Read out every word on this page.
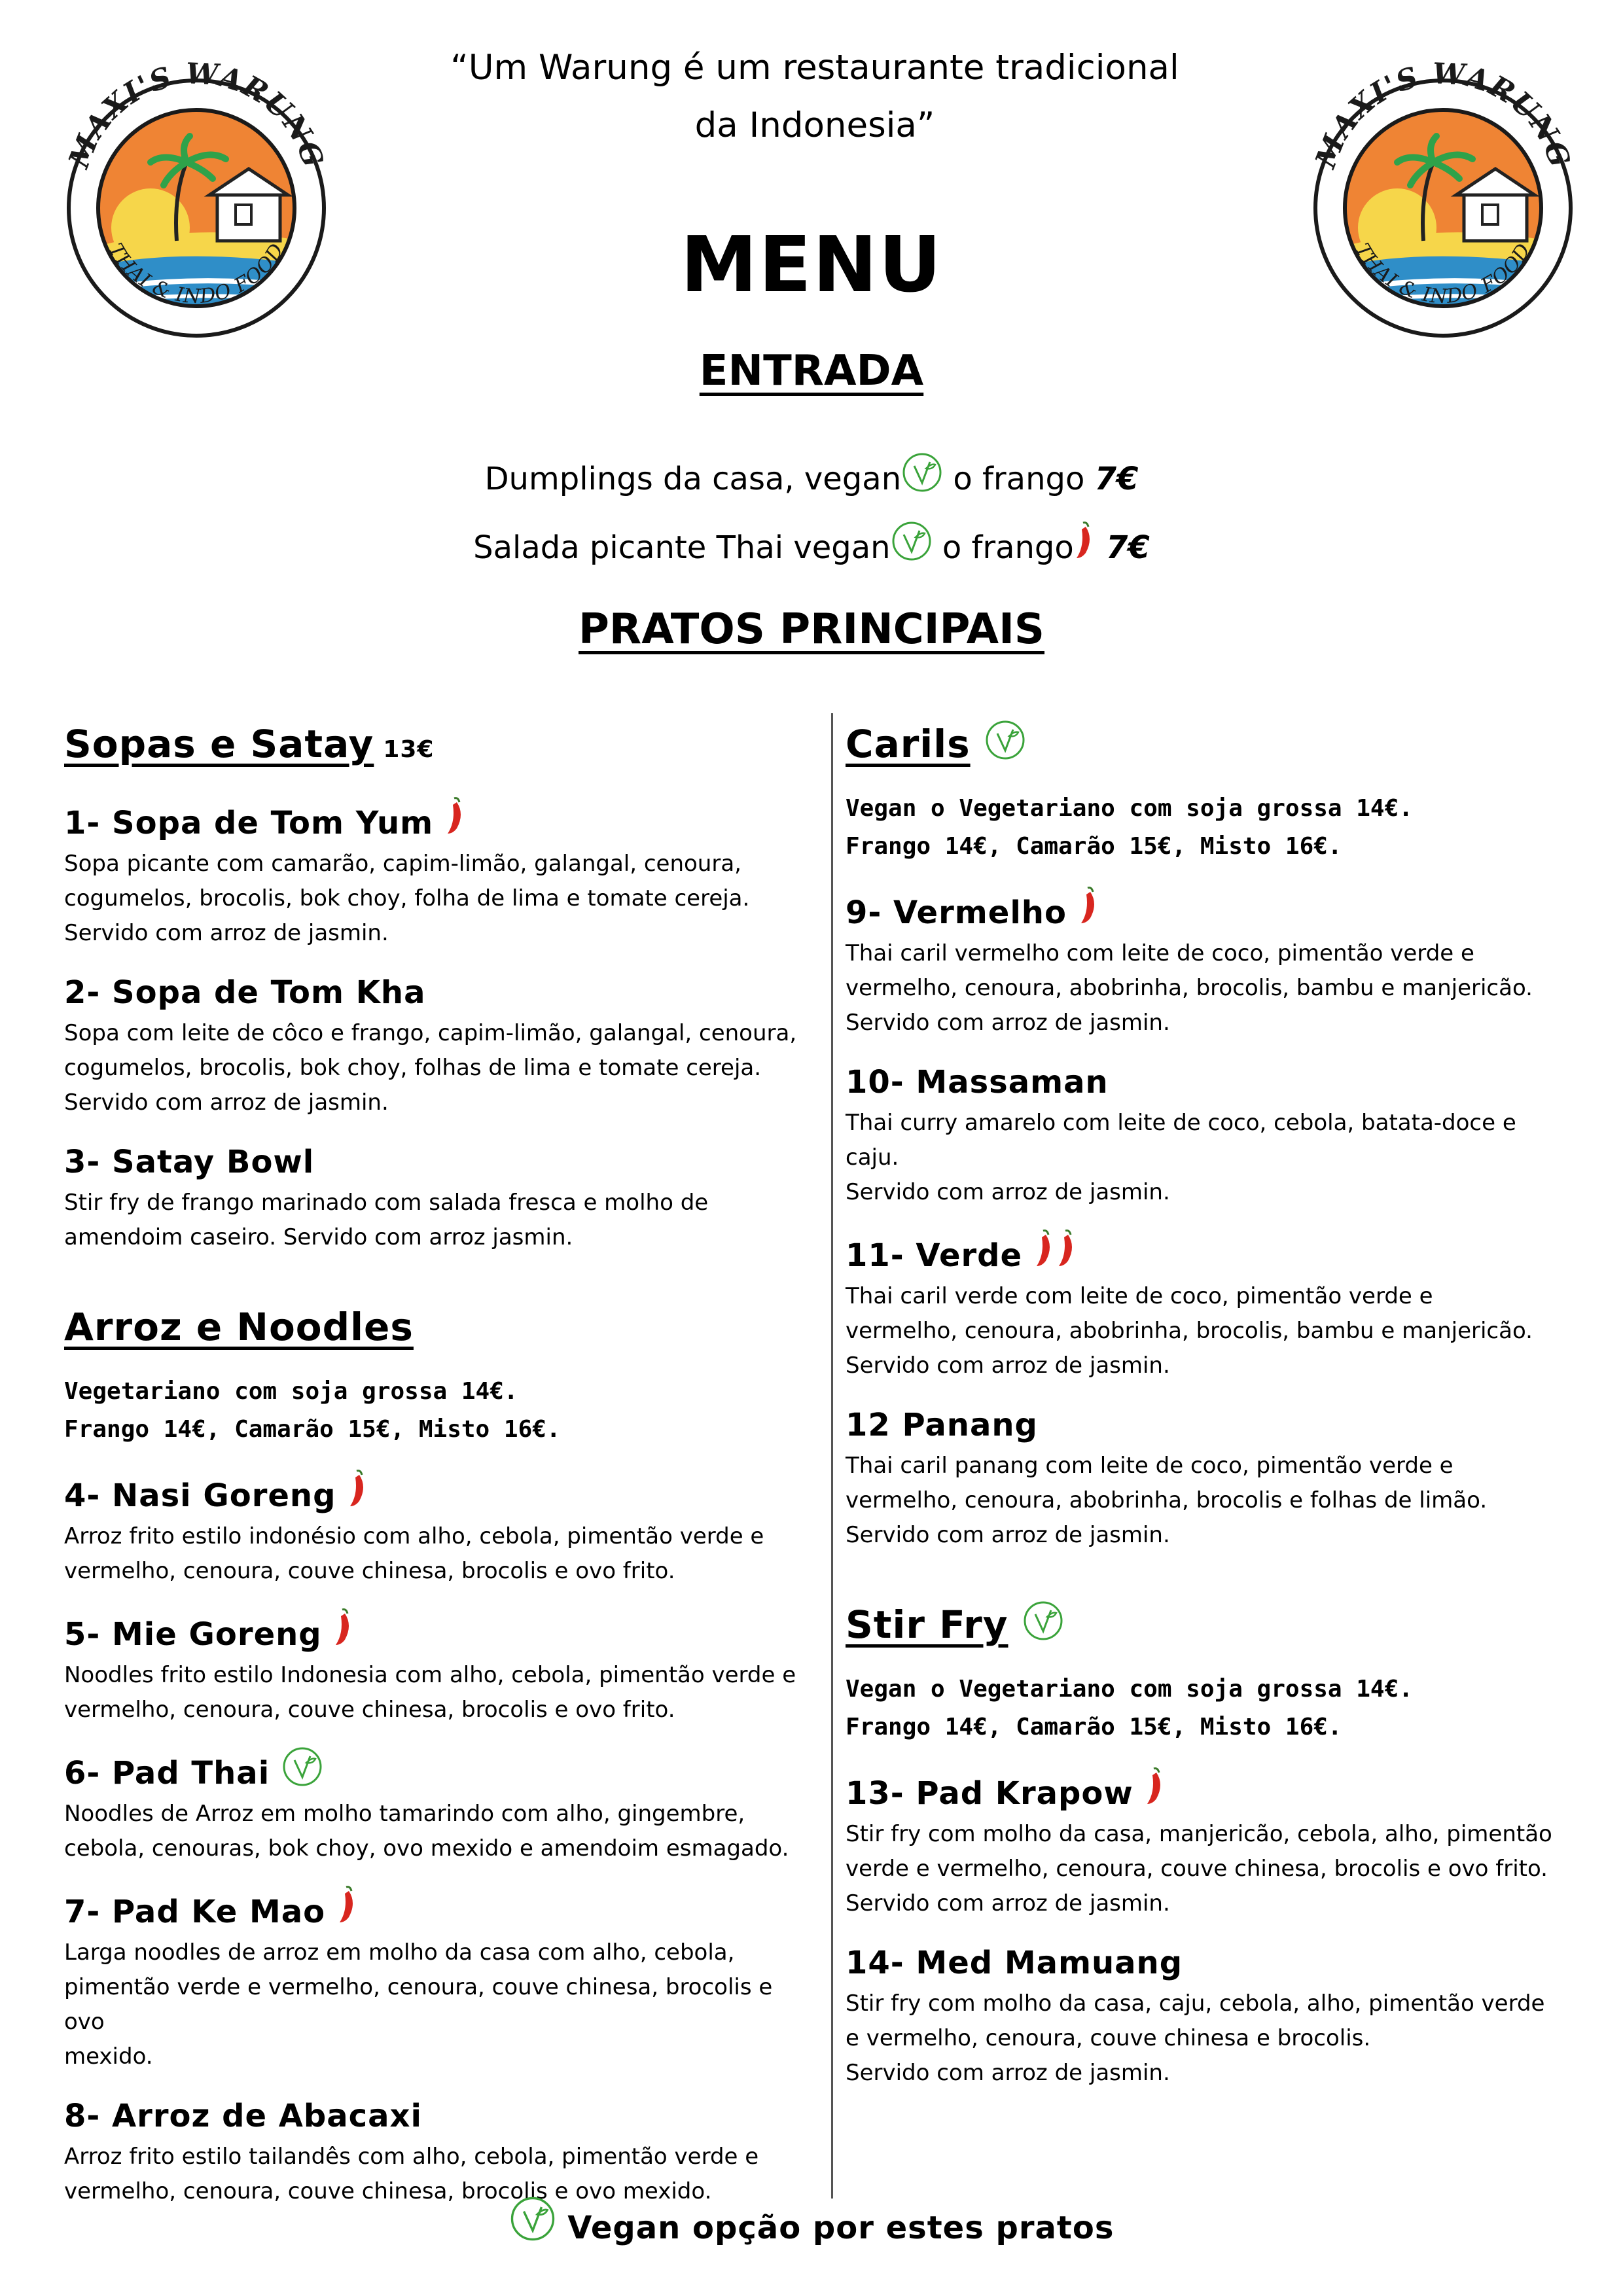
MAXI'S WARUNG
THAI & INDO FOOD
MAXI'S WARUNG
THAI & INDO FOOD
“Um Warung é um restaurante tradicional
da Indonesia”
MENU
ENTRADA
Dumplings da casa, vegan o frango 7€
Salada picante Thai vegan o frango 7€
PRATOS PRINCIPAIS
Sopas e Satay 13€
1- Sopa de Tom Yum
Sopa picante com camarão, capim-limão, galangal, cenoura,
cogumelos, brocolis, bok choy, folha de lima e tomate cereja.
Servido com arroz de jasmin.
2- Sopa de Tom Kha
Sopa com leite de côco e frango, capim-limão, galangal, cenoura,
cogumelos, brocolis, bok choy, folhas de lima e tomate cereja.
Servido com arroz de jasmin.
3- Satay Bowl
Stir fry de frango marinado com salada fresca e molho de
amendoim caseiro. Servido com arroz jasmin.
Arroz e Noodles
Vegetariano com soja grossa 14€.
Frango 14€, Camarão 15€, Misto 16€.
4- Nasi Goreng
Arroz frito estilo indonésio com alho, cebola, pimentão verde e
vermelho, cenoura, couve chinesa, brocolis e ovo frito.
5- Mie Goreng
Noodles frito estilo Indonesia com alho, cebola, pimentão verde e
vermelho, cenoura, couve chinesa, brocolis e ovo frito.
6- Pad Thai
Noodles de Arroz em molho tamarindo com alho, gingembre,
cebola, cenouras, bok choy, ovo mexido e amendoim esmagado.
7- Pad Ke Mao
Larga noodles de arroz em molho da casa com alho, cebola,
pimentão verde e vermelho, cenoura, couve chinesa, brocolis e ovo
mexido.
8- Arroz de Abacaxi
Arroz frito estilo tailandês com alho, cebola, pimentão verde e
vermelho, cenoura, couve chinesa, brocolis e ovo mexido.
Carils
Vegan o Vegetariano com soja grossa 14€.
Frango 14€, Camarão 15€, Misto 16€.
9- Vermelho
Thai caril vermelho com leite de coco, pimentão verde e
vermelho, cenoura, abobrinha, brocolis, bambu e manjericão.
Servido com arroz de jasmin.
10- Massaman
Thai curry amarelo com leite de coco, cebola, batata-doce e
caju.
Servido com arroz de jasmin.
11- Verde
Thai caril verde com leite de coco, pimentão verde e
vermelho, cenoura, abobrinha, brocolis, bambu e manjericão.
Servido com arroz de jasmin.
12 Panang
Thai caril panang com leite de coco, pimentão verde e
vermelho, cenoura, abobrinha, brocolis e folhas de limão.
Servido com arroz de jasmin.
Stir Fry
Vegan o Vegetariano com soja grossa 14€.
Frango 14€, Camarão 15€, Misto 16€.
13- Pad Krapow
Stir fry com molho da casa, manjericão, cebola, alho, pimentão
verde e vermelho, cenoura, couve chinesa, brocolis e ovo frito.
Servido com arroz de jasmin.
14- Med Mamuang
Stir fry com molho da casa, caju, cebola, alho, pimentão verde
e vermelho, cenoura, couve chinesa e brocolis.
Servido com arroz de jasmin.
Vegan opção por estes pratos
